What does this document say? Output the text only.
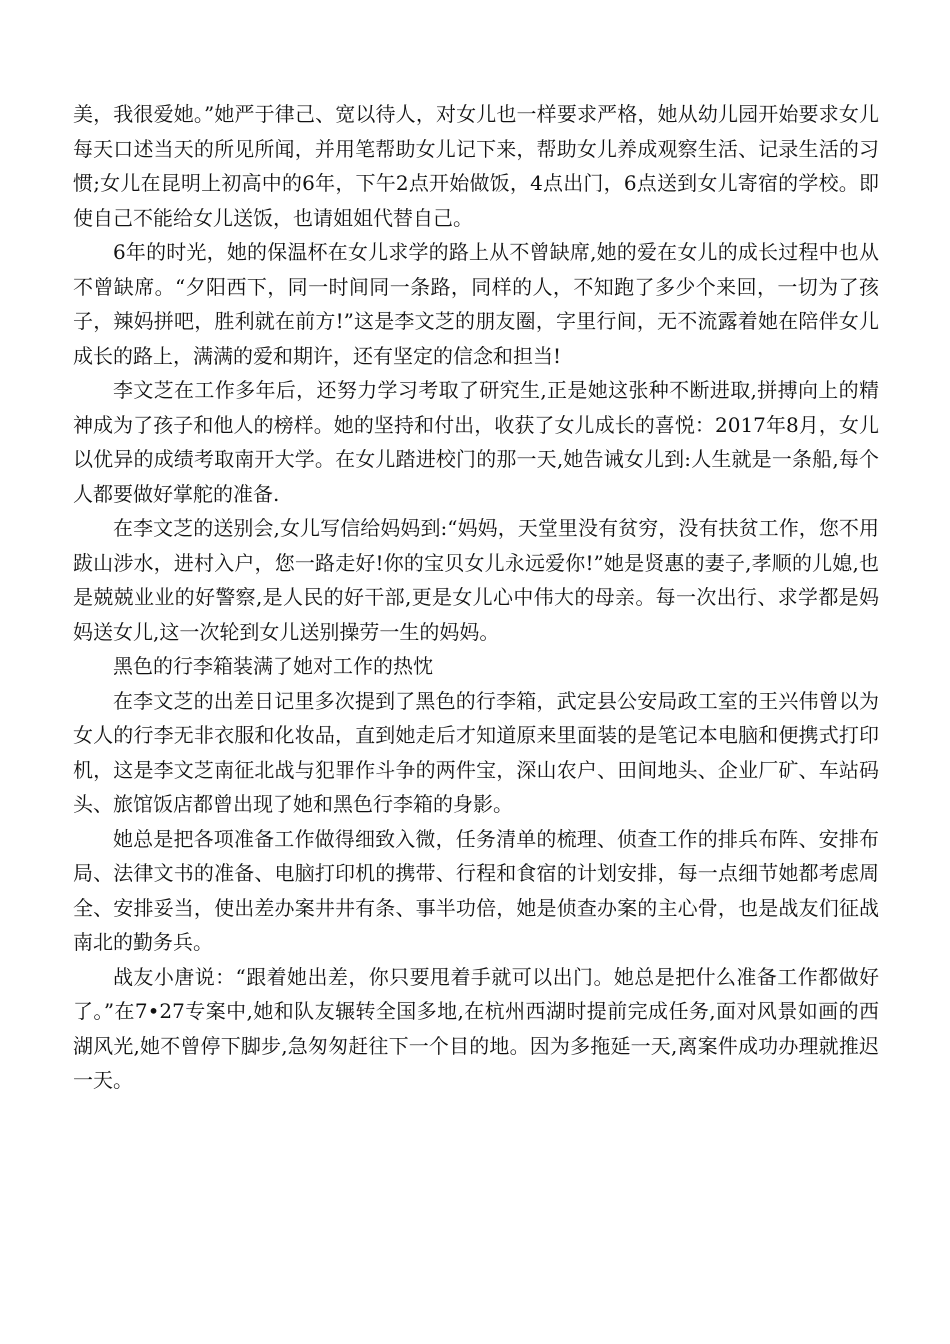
美，我很爱她。”她严于律己、宽以待人，对女儿也一样要求严格，她从幼儿园开始要求女儿每天口述当天的所见所闻，并用笔帮助女儿记下来，帮助女儿养成观察生活、记录生活的习惯;女儿在昆明上初高中的6年，下午2点开始做饭，4点出门，6点送到女儿寄宿的学校。即使自己不能给女儿送饭，也请姐姐代替自己。

6年的时光，她的保温杯在女儿求学的路上从不曾缺席,她的爱在女儿的成长过程中也从不曾缺席。“夕阳西下，同一时间同一条路，同样的人，不知跑了多少个来回，一切为了孩子，辣妈拼吧，胜利就在前方!”这是李文芝的朋友圈，字里行间，无不流露着她在陪伴女儿成长的路上，满满的爱和期许，还有坚定的信念和担当!

李文芝在工作多年后，还努力学习考取了研究生,正是她这张种不断进取,拼搏向上的精神成为了孩子和他人的榜样。她的坚持和付出，收获了女儿成长的喜悦：2017年8月，女儿以优异的成绩考取南开大学。在女儿踏进校门的那一天,她告诫女儿到:人生就是一条船,每个人都要做好掌舵的准备.

在李文芝的送别会,女儿写信给妈妈到:“妈妈，天堂里没有贫穷，没有扶贫工作，您不用跋山涉水，进村入户，您一路走好!你的宝贝女儿永远爱你!”她是贤惠的妻子,孝顺的儿媳,也是兢兢业业的好警察,是人民的好干部,更是女儿心中伟大的母亲。每一次出行、求学都是妈妈送女儿,这一次轮到女儿送别操劳一生的妈妈。

黑色的行李箱装满了她对工作的热忱

在李文芝的出差日记里多次提到了黑色的行李箱，武定县公安局政工室的王兴伟曾以为女人的行李无非衣服和化妆品，直到她走后才知道原来里面装的是笔记本电脑和便携式打印机，这是李文芝南征北战与犯罪作斗争的两件宝，深山农户、田间地头、企业厂矿、车站码头、旅馆饭店都曾出现了她和黑色行李箱的身影。

她总是把各项准备工作做得细致入微，任务清单的梳理、侦查工作的排兵布阵、安排布局、法律文书的准备、电脑打印机的携带、行程和食宿的计划安排，每一点细节她都考虑周全、安排妥当，使出差办案井井有条、事半功倍，她是侦查办案的主心骨，也是战友们征战南北的勤务兵。

战友小唐说：“跟着她出差，你只要甩着手就可以出门。她总是把什么准备工作都做好了。”在7•27专案中,她和队友辗转全国多地,在杭州西湖时提前完成任务,面对风景如画的西湖风光,她不曾停下脚步,急匆匆赶往下一个目的地。因为多拖延一天,离案件成功办理就推迟一天。
